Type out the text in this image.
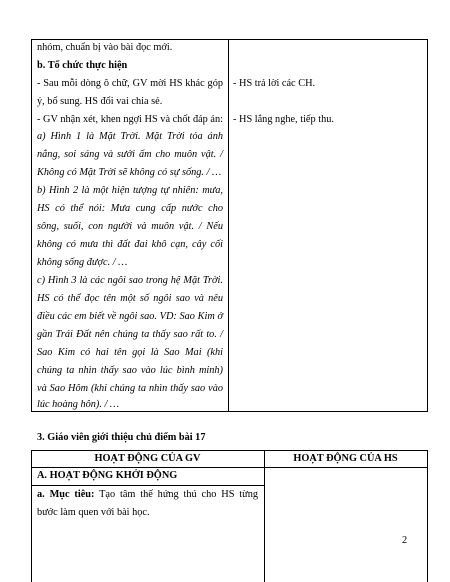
nhóm, chuẩn bị vào bài đọc mới.
b. Tổ chức thực hiện
- Sau mỗi dòng ô chữ, GV mời HS khác góp
ý, bổ sung. HS đổi vai chia sẻ.
- GV nhận xét, khen ngợi HS và chốt đáp án:
a) Hình 1 là Mặt Trời. Mặt Trời tỏa ánh
nắng, soi sáng và sưởi ấm cho muôn vật. /
Không có Mặt Trời sẽ không có sự sống. / …
b) Hình 2 là một hiện tượng tự nhiên: mưa,
HS có thể nói: Mưa cung cấp nước cho
sông, suối, con người và muôn vật. / Nếu
không có mưa thì đất đai khô cạn, cây cối
không sống được. / …
c) Hình 3 là các ngôi sao trong hệ Mặt Trời.
HS có thể đọc tên một số ngôi sao và nêu
điều các em biết về ngôi sao. VD: Sao Kim ở
gần Trái Đất nên chúng ta thấy sao rất to. /
Sao Kim có hai tên gọi là Sao Mai (khi
chúng ta nhìn thấy sao vào lúc bình minh)
và Sao Hôm (khi chúng ta nhìn thấy sao vào
lúc hoàng hôn). / …
- HS trả lời các CH.
- HS lắng nghe, tiếp thu.
3. Giáo viên giới thiệu chủ điểm bài 17
HOẠT ĐỘNG CỦA GV	HOẠT ĐỘNG CỦA HS
A. HOẠT ĐỘNG KHỞI ĐỘNG
a. Mục tiêu: Tạo tâm thế hứng thú cho HS từng
bước làm quen với bài học.
2
